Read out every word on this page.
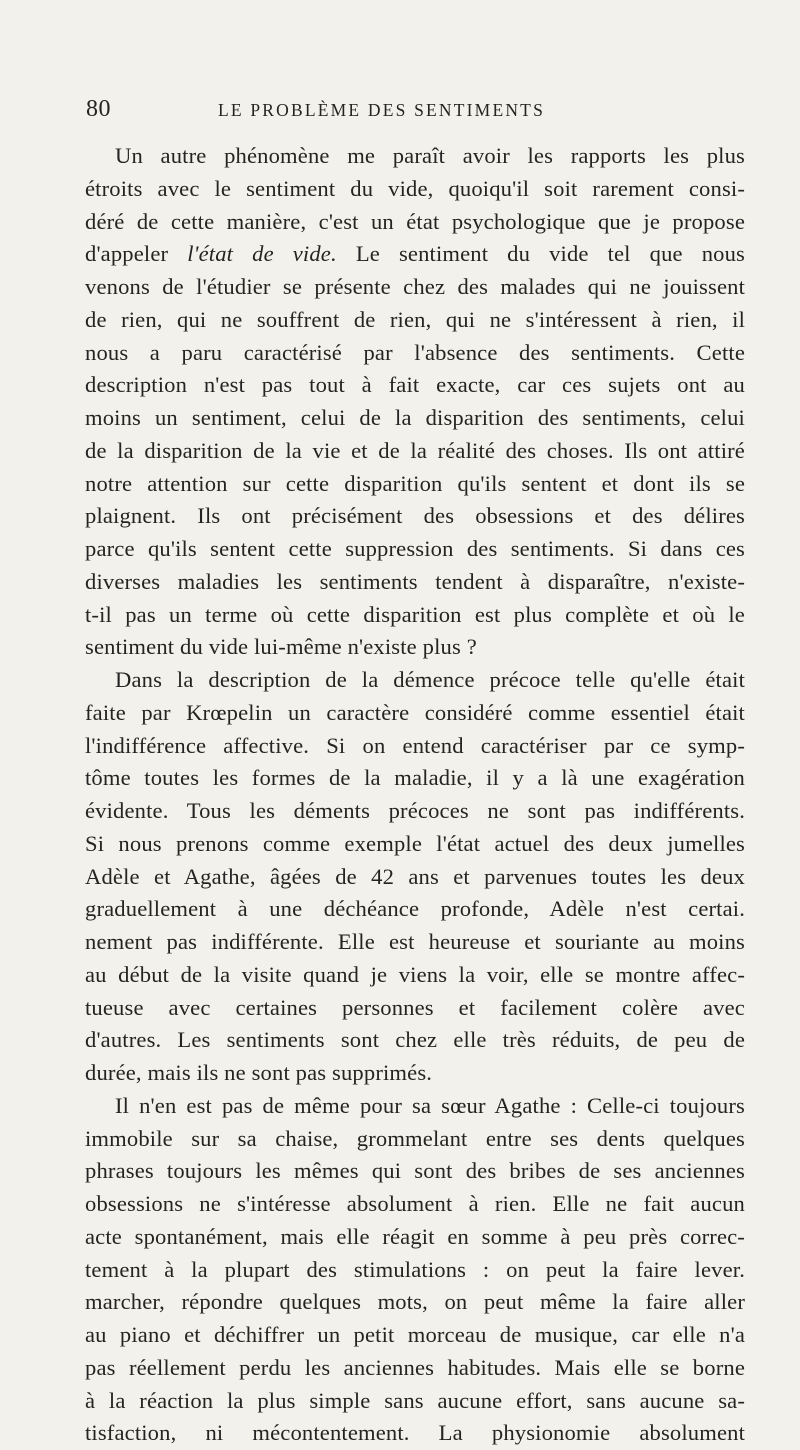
80	LE PROBLÈME DES SENTIMENTS
Un autre phénomène me paraît avoir les rapports les plus
étroits avec le sentiment du vide, quoiqu'il soit rarement consi-
déré de cette manière, c'est un état psychologique que je propose
d'appeler l'état de vide. Le sentiment du vide tel que nous
venons de l'étudier se présente chez des malades qui ne jouissent
de rien, qui ne souffrent de rien, qui ne s'intéressent à rien, il
nous a paru caractérisé par l'absence des sentiments. Cette
description n'est pas tout à fait exacte, car ces sujets ont au
moins un sentiment, celui de la disparition des sentiments, celui
de la disparition de la vie et de la réalité des choses. Ils ont attiré
notre attention sur cette disparition qu'ils sentent et dont ils se
plaignent. Ils ont précisément des obsessions et des délires
parce qu'ils sentent cette suppression des sentiments. Si dans ces
diverses maladies les sentiments tendent à disparaître, n'existe-
t-il pas un terme où cette disparition est plus complète et où le
sentiment du vide lui-même n'existe plus ?
Dans la description de la démence précoce telle qu'elle était
faite par Krœpelin un caractère considéré comme essentiel était
l'indifférence affective. Si on entend caractériser par ce symp-
tôme toutes les formes de la maladie, il y a là une exagération
évidente. Tous les déments précoces ne sont pas indifférents.
Si nous prenons comme exemple l'état actuel des deux jumelles
Adèle et Agathe, âgées de 42 ans et parvenues toutes les deux
graduellement à une déchéance profonde, Adèle n'est certai.
nement pas indifférente. Elle est heureuse et souriante au moins
au début de la visite quand je viens la voir, elle se montre affec-
tueuse avec certaines personnes et facilement colère avec
d'autres. Les sentiments sont chez elle très réduits, de peu de
durée, mais ils ne sont pas supprimés.
Il n'en est pas de même pour sa sœur Agathe : Celle-ci toujours
immobile sur sa chaise, grommelant entre ses dents quelques
phrases toujours les mêmes qui sont des bribes de ses anciennes
obsessions ne s'intéresse absolument à rien. Elle ne fait aucun
acte spontanément, mais elle réagit en somme à peu près correc-
tement à la plupart des stimulations : on peut la faire lever.
marcher, répondre quelques mots, on peut même la faire aller
au piano et déchiffrer un petit morceau de musique, car elle n'a
pas réellement perdu les anciennes habitudes. Mais elle se borne
à la réaction la plus simple sans aucune effort, sans aucune sa-
tisfaction, ni mécontentement. La physionomie absolument
